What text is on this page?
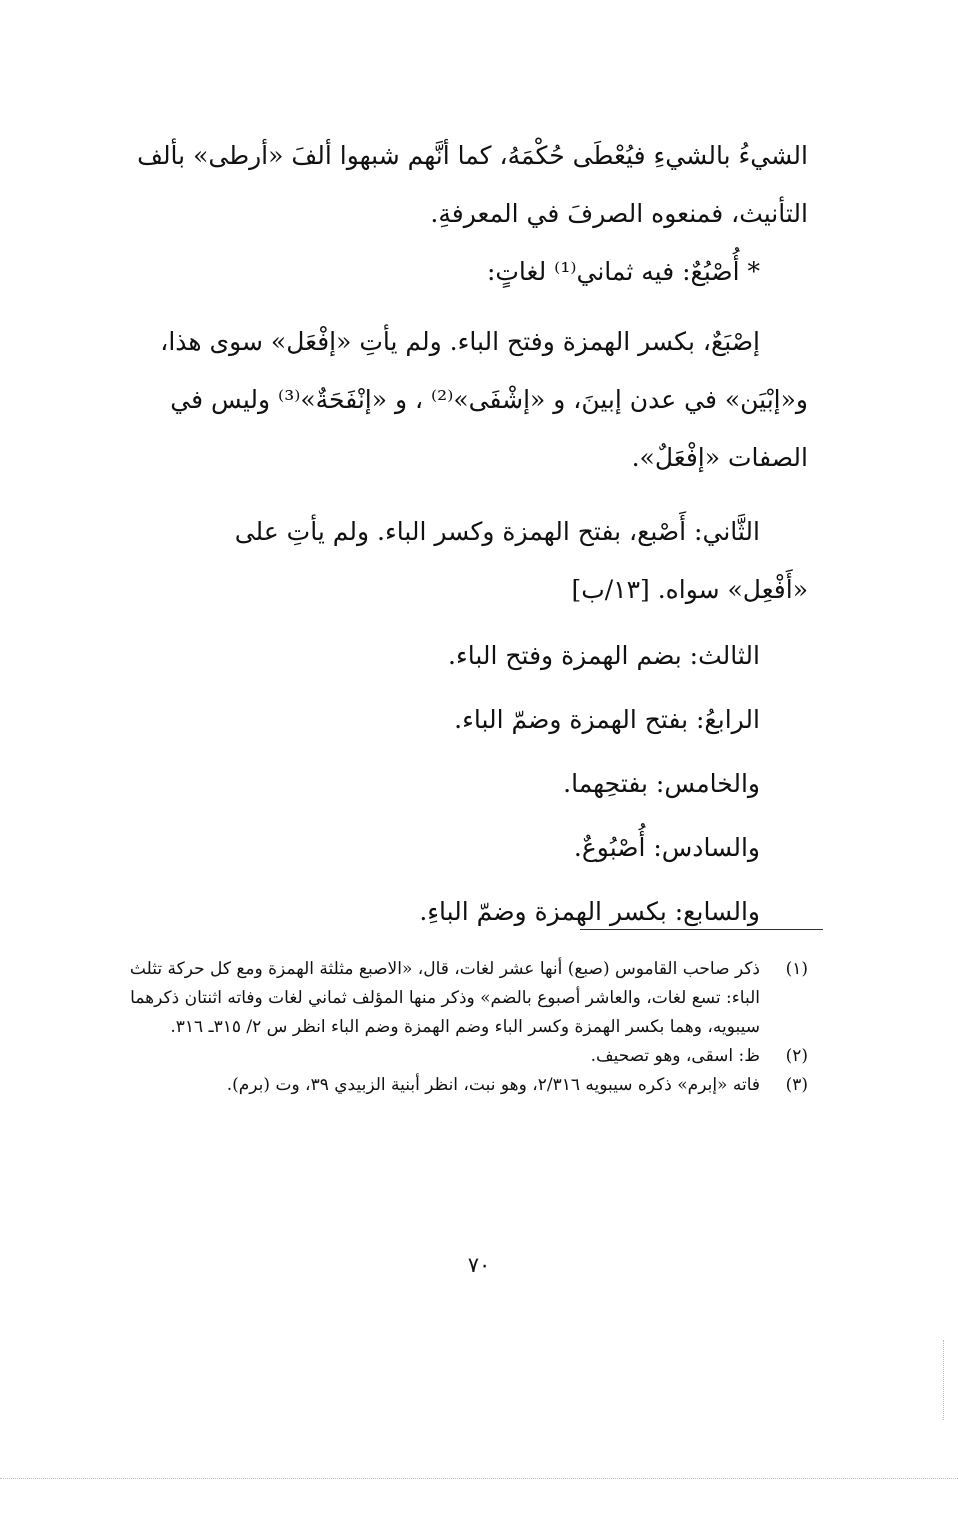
الشيءُ بالشيءِ فيُعْطَى حُكْمَهُ، كما أنَّهم شبهوا ألفَ «أرطى» بألف
التأنيث، فمنعوه الصرفَ في المعرفةِ.

* أُصْبُعٌ: فيه ثماني⁽¹⁾ لغاتٍ:

إصْبَعٌ، بكسر الهمزة وفتح الباء. ولم يأتِ «إفْعَل» سوى هذا،
و«إبْيَن» في عدن إبينَ، و «إشْفَى»⁽²⁾ ، و «إنْفَحَةٌ»⁽³⁾ وليس في
الصفات «إفْعَلٌ».

الثَّاني: أَصْبع، بفتح الهمزة وكسر الباء. ولم يأتِ على
«أَفْعِل» سواه. [١٣/ب]

الثالث: بضم الهمزة وفتح الباء.

الرابعُ: بفتح الهمزة وضمّ الباء.

والخامس: بفتحِهما.

والسادس: أُصْبُوعٌ.

والسابع: بكسر الهمزة وضمّ الباءِ.

(١)
ذكر صاحب القاموس (صبع) أنها عشر لغات، قال، «الاصبع مثلثة الهمزة ومع كل حركة تثلث الباء: تسع لغات، والعاشر أصبوع بالضم» وذكر منها المؤلف ثماني لغات وفاته اثنتان ذكرهما سيبويه، وهما بكسر الهمزة وكسر الباء وضم الهمزة وضم الباء انظر س ٢/ ٣١٥ـ ٣١٦.

(٢)
ظ: اسقى، وهو تصحيف.

(٣)
فاته «إبرم» ذكره سيبويه ٢/٣١٦، وهو نبت، انظر أبنية الزبيدي ٣٩، وت (برم).

٧٠
